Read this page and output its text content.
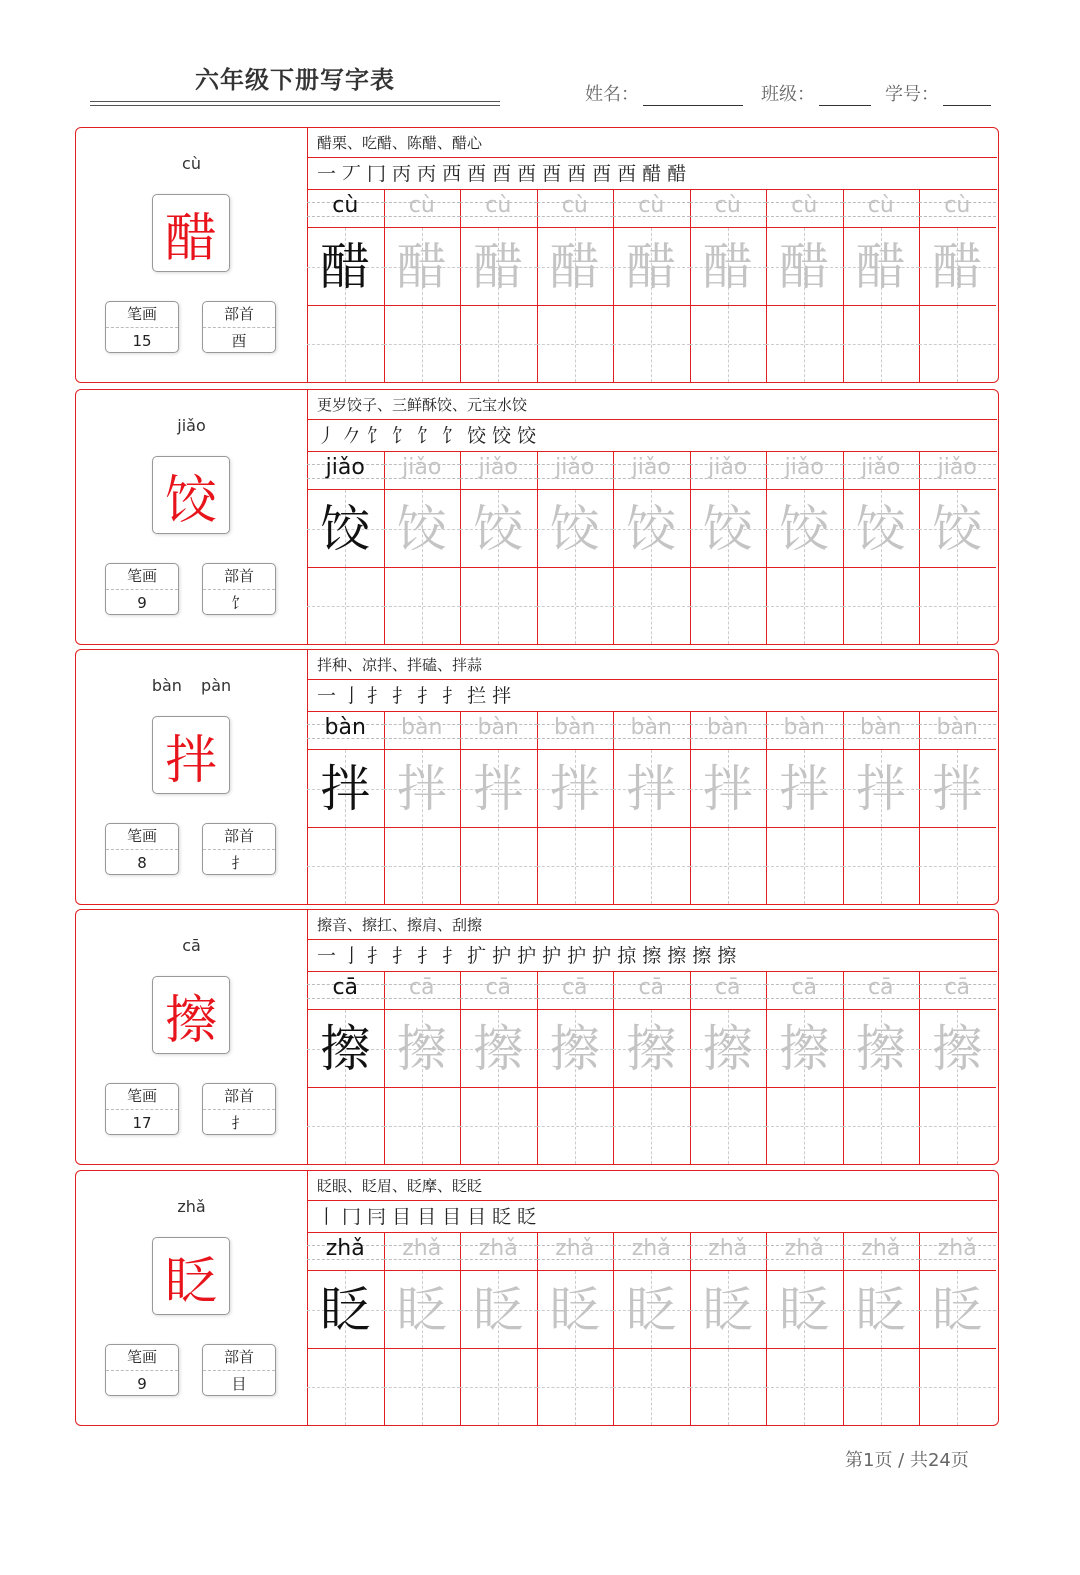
六年级下册写字表
姓名：	班级：	学号：
cù
醋
笔画
15
部首
酉
醋栗、吃醋、陈醋、醋心
一 丆 冂 丙 丙 西 酉 酉 酉 酉 酉 酉 酉 醋 醋
cù
醋
cù
醋
cù
醋
cù
醋
cù
醋
cù
醋
cù
醋
cù
醋
cù
醋
jiǎo
饺
笔画
9
部首
饣
更岁饺子、三鲜酥饺、元宝水饺
丿 𠂊 饣 饣 饣 饣 饺 饺 饺
jiǎo
饺
jiǎo
饺
jiǎo
饺
jiǎo
饺
jiǎo
饺
jiǎo
饺
jiǎo
饺
jiǎo
饺
jiǎo
饺
bàn pàn
拌
笔画
8
部首
扌
拌种、凉拌、拌磕、拌蒜
一 亅 扌 扌 扌 扌 拦 拌
bàn
拌
bàn
拌
bàn
拌
bàn
拌
bàn
拌
bàn
拌
bàn
拌
bàn
拌
bàn
拌
cā
擦
笔画
17
部首
扌
擦音、擦扛、擦肩、刮擦
一 亅 扌 扌 扌 扌 扩 护 护 护 护 护 掠 擦 擦 擦 擦
cā
擦
cā
擦
cā
擦
cā
擦
cā
擦
cā
擦
cā
擦
cā
擦
cā
擦
zhǎ
眨
笔画
9
部首
目
眨眼、眨眉、眨摩、眨眨
丨 冂 冃 目 目 目 目 眨 眨
zhǎ
眨
zhǎ
眨
zhǎ
眨
zhǎ
眨
zhǎ
眨
zhǎ
眨
zhǎ
眨
zhǎ
眨
zhǎ
眨
第1页 / 共24页
